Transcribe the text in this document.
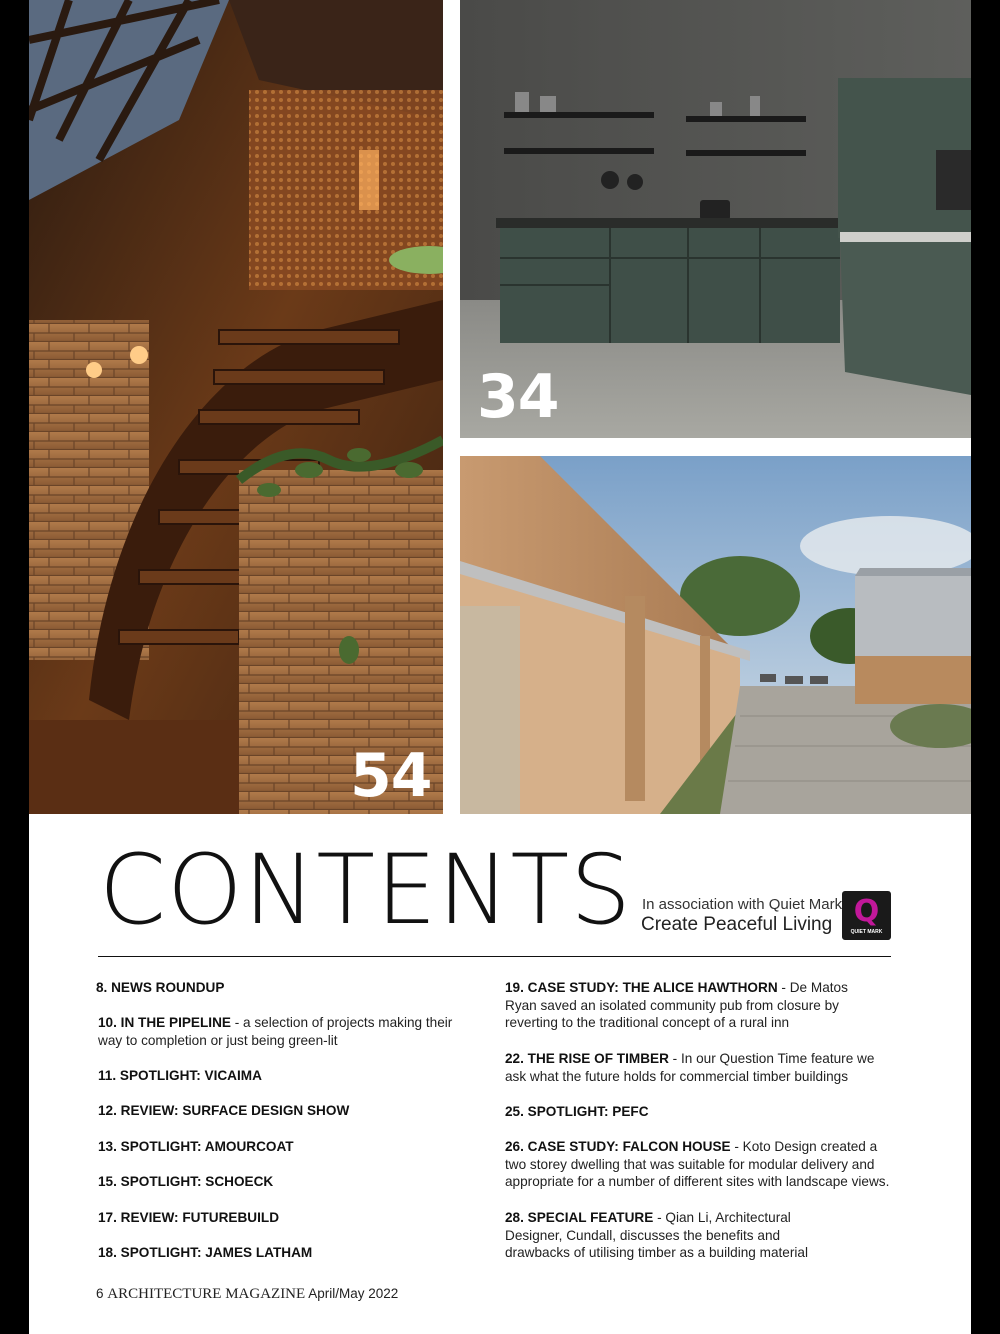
54
34
CONTENTS In association with Quiet Mark
Create Peaceful Living Q
QUIET MARK
8. NEWS ROUNDUP
10. IN THE PIPELINE - a selection of projects making their way to completion or just being green-lit
11. SPOTLIGHT: VICAIMA
12. REVIEW: SURFACE DESIGN SHOW
13. SPOTLIGHT: AMOURCOAT
15. SPOTLIGHT: SCHOECK
17. REVIEW: FUTUREBUILD
18. SPOTLIGHT: JAMES LATHAM
19. CASE STUDY: THE ALICE HAWTHORN - De Matos Ryan saved an isolated community pub from closure by reverting to the traditional concept of a rural inn
22. THE RISE OF TIMBER - In our Question Time feature we ask what the future holds for commercial timber buildings
25. SPOTLIGHT: PEFC
26. CASE STUDY: FALCON HOUSE - Koto Design created a two storey dwelling that was suitable for modular delivery and appropriate for a number of different sites with landscape views.
28. SPECIAL FEATURE - Qian Li, Architectural Designer, Cundall, discusses the benefits and drawbacks of utilising timber as a building material
6 ARCHITECTURE MAGAZINE April/May 2022
